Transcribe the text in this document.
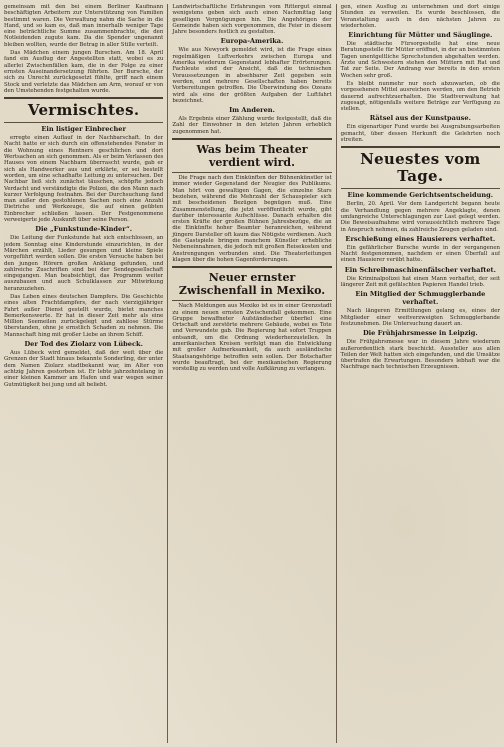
gemeinsam mit den bei einem Berliner Kaufmann beschäftigten Arbeitern zur Unterstützung von Familien bestimmt waren. Die Verwaltung nahm die Sache in die Hand, und so kam es, daß man innerhalb weniger Tage eine beträchtliche Summe zusammenbrachte, die den Notleidenden zugute kam. Da die Spender ungenannt bleiben wollten, wurde der Betrag in aller Stille verteilt.

Das Mädchen einem jungen Burschen. Am 18. April fand ein Ausflug der Angestellten statt, wobei es zu allerlei Zwischenfällen kam, die in der Folge zu einer ernsten Auseinandersetzung führten. Der Bursche, der sich zu Unrecht zurückgesetzt fühlte, griff nach einem Stock und verletzte das Mädchen am Arm, worauf er von den Umstehenden festgehalten wurde.

Vermischtes.
Ein listiger Einbrecher

erregte einen Auflauf in der Nachbarschaft. In der Nacht hatte er sich durch ein offenstehendes Fenster in die Wohnung eines Rentners geschlichen und dort Wertsachen an sich genommen. Als er beim Verlassen des Hauses von einem Nachbarn überrascht wurde, gab er sich als Handwerker aus und erklärte, er sei bestellt worden, um eine schadhafte Leitung zu untersuchen. Der Nachbar ließ sich zunächst täuschen, schöpfte jedoch Verdacht und verständigte die Polizei, die den Mann nach kurzer Verfolgung festnahm. Bei der Durchsuchung fand man außer den gestohlenen Sachen noch eine Anzahl Dietriche und Werkzeuge, die auf einen geübten Einbrecher schließen lassen. Der Festgenommene verweigerte jede Auskunft über seine Person.

Die „Funkstunde-Kinder“.

Die Leitung der Funkstunde hat sich entschlossen, an jedem Sonntag eine Kinderstunde einzurichten, in der Märchen erzählt, Lieder gesungen und kleine Spiele vorgeführt werden sollen. Die ersten Versuche haben bei den jungen Hörern großen Anklang gefunden, und zahlreiche Zuschriften sind bei der Sendegesellschaft eingegangen. Man beabsichtigt, das Programm weiter auszubauen und auch Schulklassen zur Mitwirkung heranzuziehen.

Das Leben eines deutschen Dampfers. Die Geschichte eines alten Frachtdampfers, der nach vierzigjähriger Fahrt außer Dienst gestellt wurde, bietet manches Bemerkenswerte. Er hat in dieser Zeit mehr als eine Million Seemeilen zurückgelegt und zahllose Stürme überstanden, ohne je ernstlich Schaden zu nehmen. Die Mannschaft hing mit großer Liebe an ihrem Schiff.

Der Tod des Ziolarz von Lübeck.

Aus Lübeck wird gemeldet, daß der weit über die Grenzen der Stadt hinaus bekannte Sonderling, der unter dem Namen Ziolarz stadtbekannt war, im Alter von achtzig Jahren gestorben ist. Er lebte jahrzehntelang in einer kleinen Kammer am Hafen und war wegen seiner Gutmütigkeit bei jung und alt beliebt.

Landwirtschaftliche Erfahrungen vom Rittergut einmal wenigstens geben sich auch einen Nachmittag lang geselligen Vergnügungen hin. Die Angehörigen der Gemeinde haben sich vorgenommen, die Feier in diesem Jahre besonders festlich zu gestalten.

Europa-Amerika.

Wie aus Newyork gemeldet wird, ist die Frage eines regelmäßigen Luftverkehrs zwischen Europa und Amerika wiederum Gegenstand lebhafter Erörterungen. Fachleute sind der Ansicht, daß die technischen Voraussetzungen in absehbarer Zeit gegeben sein werden, und mehrere Gesellschaften haben bereits Vorbereitungen getroffen. Die Überwindung des Ozeans wird als eine der größten Aufgaben der Luftfahrt bezeichnet.

Im Anderen.

Als Ergebnis einer Zählung wurde festgestellt, daß die Zahl der Einwohner in den letzten Jahren erheblich zugenommen hat.

Was beim Theater verdient wird.

Die Frage nach den Einkünften der Bühnenkünstler ist immer wieder Gegenstand der Neugier des Publikums. Man hört von gewaltigen Gagen, die einzelne Stars beziehen, während die Mehrzahl der Schauspieler sich mit bescheidenen Bezügen begnügen muß. Eine Zusammenstellung, die jetzt veröffentlicht wurde, gibt darüber interessante Aufschlüsse. Danach erhalten die ersten Kräfte der großen Bühnen Jahresbezüge, die an die Einkünfte hoher Beamter heranreichen, während jüngere Darsteller oft kaum das Nötigste verdienen. Auch die Gastspiele bringen manchem Künstler erhebliche Nebeneinnahmen, die jedoch mit großen Reisekosten und Anstrengungen verbunden sind. Die Theaterleitungen klagen über die hohen Gagenforderungen.

Neuer ernster Zwischenfall in Mexiko.

Nach Meldungen aus Mexiko ist es in einer Grenzstadt zu einem neuen ernsten Zwischenfall gekommen. Eine Gruppe bewaffneter Aufständischer überfiel eine Ortschaft und zerstörte mehrere Gebäude, wobei es Tote und Verwundete gab. Die Regierung hat sofort Truppen entsandt, um die Ordnung wiederherzustellen. In amerikanischen Kreisen verfolgt man die Entwicklung mit großer Aufmerksamkeit, da auch ausländische Staatsangehörige betroffen sein sollen. Der Botschafter wurde beauftragt, bei der mexikanischen Regierung vorstellig zu werden und volle Aufklärung zu verlangen.

gen, einen Ausflug zu unternehmen und dort einige Stunden zu verweilen. Es wurde beschlossen, die Veranstaltung auch in den nächsten Jahren zu wiederholen.

Einrichtung für Mütter und Säuglinge.

Die städtische Fürsorgestelle hat eine neue Beratungsstelle für Mütter eröffnet, in der an bestimmten Tagen unentgeltliche Sprechstunden abgehalten werden. Ärzte und Schwestern stehen den Müttern mit Rat und Tat zur Seite. Der Andrang war bereits in den ersten Wochen sehr groß.

Es bleibt nunmehr nur noch abzuwarten, ob die vorgesehenen Mittel ausreichen werden, um den Betrieb dauernd aufrechtzuerhalten. Die Stadtverwaltung hat zugesagt, nötigenfalls weitere Beträge zur Verfügung zu stellen.

Rätsel aus der Kunstpause.

Ein eigenartiger Fund wurde bei Ausgrabungsarbeiten gemacht, über dessen Herkunft die Gelehrten noch streiten.

Neuestes vom Tage.
Eine kommende Gerichtsentscheidung.

Berlin, 20. April. Vor dem Landgericht begann heute die Verhandlung gegen mehrere Angeklagte, denen umfangreiche Unterschlagungen zur Last gelegt werden. Die Beweisaufnahme wird voraussichtlich mehrere Tage in Anspruch nehmen, da zahlreiche Zeugen geladen sind.

Erschießung eines Hausierers verhaftet.

Ein gefährlicher Bursche wurde in der vergangenen Nacht festgenommen, nachdem er einen Überfall auf einen Hausierer verübt hatte.

Ein Schreibmaschinenfälscher verhaftet.

Die Kriminalpolizei hat einen Mann verhaftet, der seit längerer Zeit mit gefälschten Papieren Handel trieb.

Ein Mitglied der Schmugglerbande verhaftet.

Nach längeren Ermittlungen gelang es, eines der Mitglieder einer weitverzweigten Schmugglerbande festzunehmen. Die Untersuchung dauert an.

Die Frühjahrsmesse in Leipzig.

Die Frühjahrsmesse war in diesem Jahre wiederum außerordentlich stark beschickt. Aussteller aus allen Teilen der Welt hatten sich eingefunden, und die Umsätze übertrafen die Erwartungen. Besonders lebhaft war die Nachfrage nach technischen Erzeugnissen.
